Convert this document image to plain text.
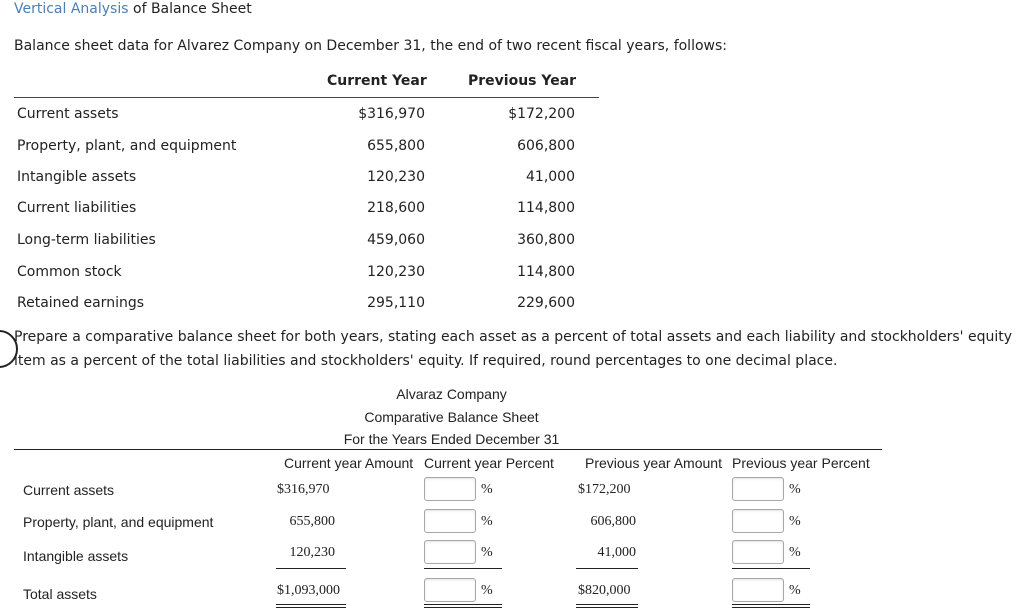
Vertical Analysis of Balance Sheet
Balance sheet data for Alvarez Company on December 31, the end of two recent fiscal years, follows:
Current Year	Previous Year
Current assets	$316,970	$172,200
Property, plant, and equipment	655,800	606,800
Intangible assets	120,230	41,000
Current liabilities	218,600	114,800
Long-term liabilities	459,060	360,800
Common stock	120,230	114,800
Retained earnings	295,110	229,600
Prepare a comparative balance sheet for both years, stating each asset as a percent of total assets and each liability and stockholders' equity
item as a percent of the total liabilities and stockholders' equity. If required, round percentages to one decimal place.
Alvaraz Company
Comparative Balance Sheet
For the Years Ended December 31
Current year Amount Current year Percent Previous year Amount Previous year Percent
Current assets	$316,970	%	$172,200	%
Property, plant, and equipment	655,800	%	606,800	%
Intangible assets	120,230	%	41,000	%
Total assets	$1,093,000	%	$820,000	%
